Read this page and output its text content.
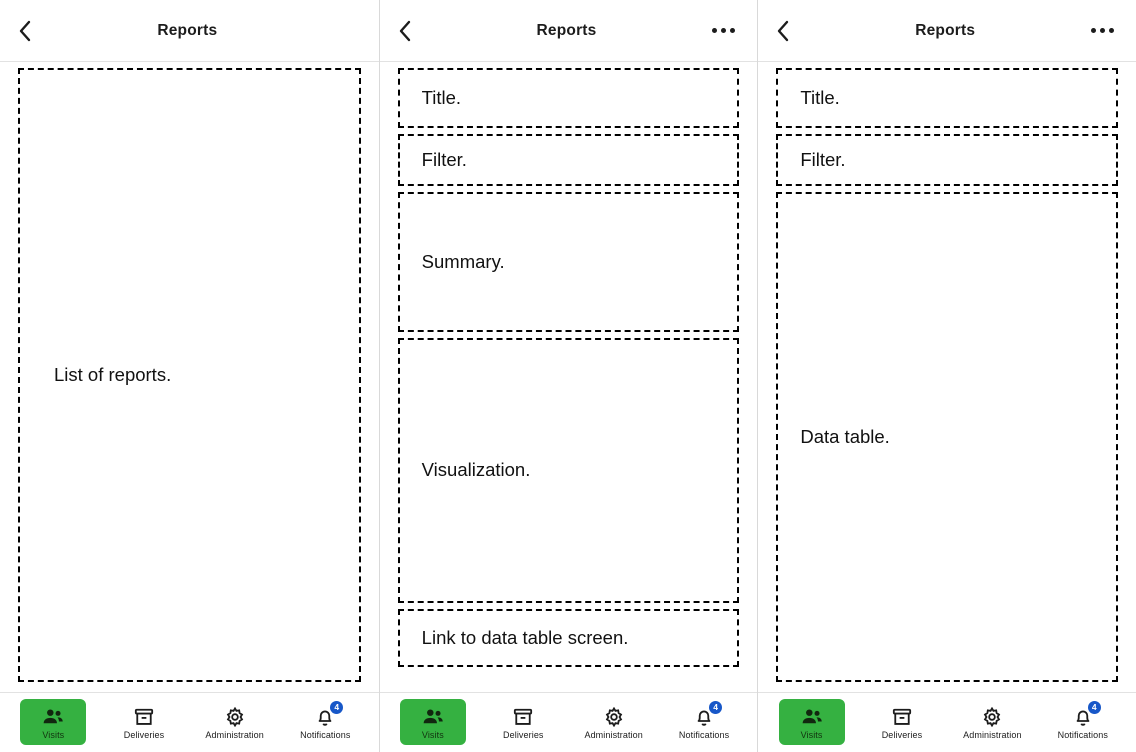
Reports
List of reports.
Visits	Deliveries	Administration
4
Notifications
Reports
Title.
Filter.
Summary.
Visualization.
Link to data table screen.
Visits	Deliveries	Administration
4
Notifications
Reports
Title.
Filter.
Data table.
Visits	Deliveries	Administration
4
Notifications
